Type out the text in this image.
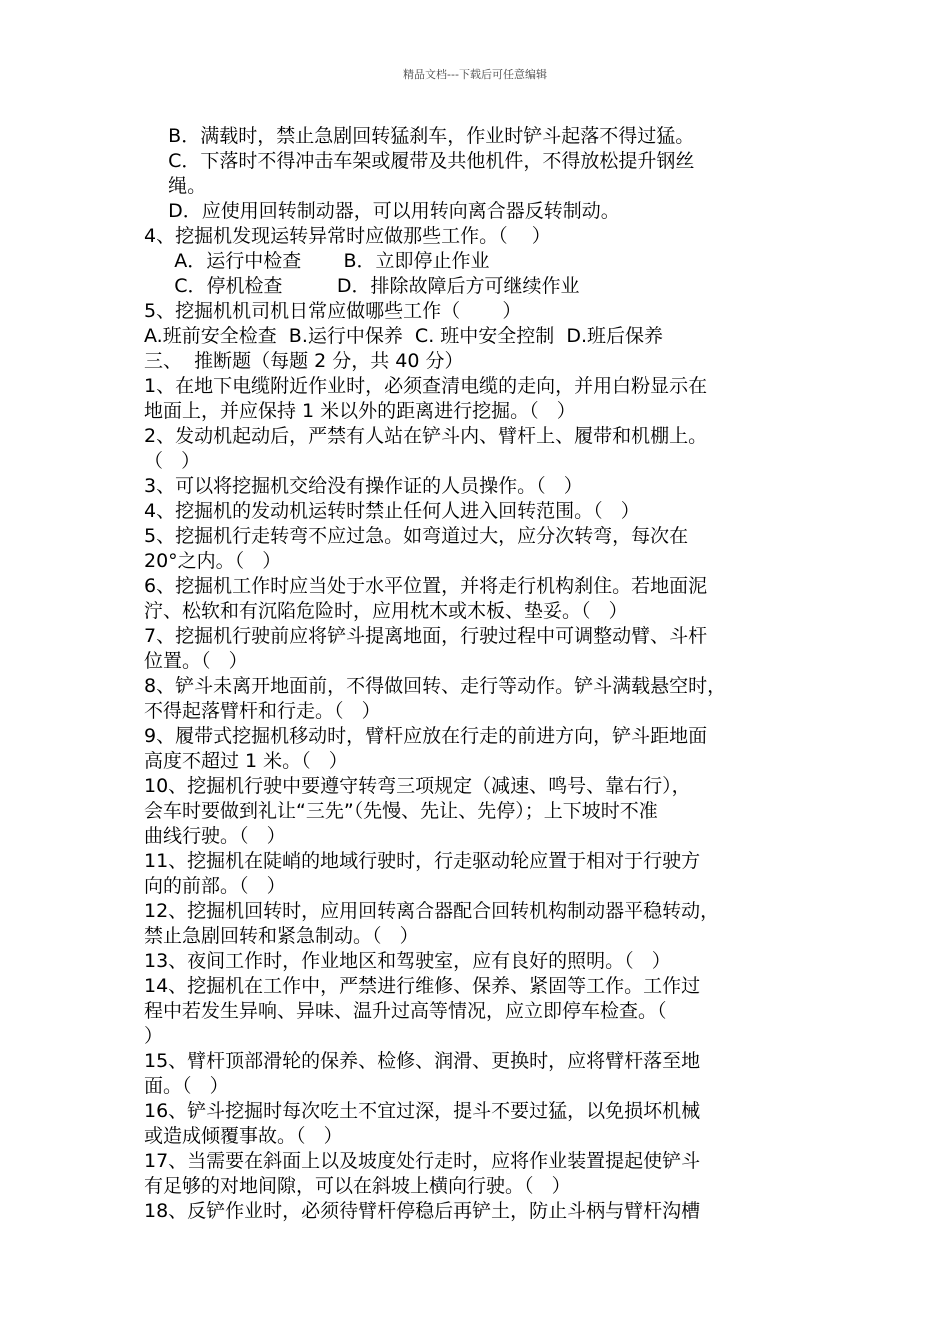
精品文档---下载后可任意编辑
B．满载时，禁止急剧回转猛刹车，作业时铲斗起落不得过猛。
C．下落时不得冲击车架或履带及共他机件，不得放松提升钢丝
绳。
D．应使用回转制动器，可以用转向离合器反转制动。
4、挖掘机发现运转异常时应做那些工作。（    ）
A．运行中检查       B．立即停止作业
C．停机检查         D．排除故障后方可继续作业
5、挖掘机机司机日常应做哪些工作（       ）
A.班前安全检查  B.运行中保养  C. 班中安全控制  D.班后保养
三、  推断题（每题 2 分，共 40 分）
1、在地下电缆附近作业时，必须查清电缆的走向，并用白粉显示在
地面上，并应保持 1 米以外的距离进行挖掘。（   ）
2、发动机起动后，严禁有人站在铲斗内、臂杆上、履带和机棚上。
（   ）
3、可以将挖掘机交给没有操作证的人员操作。（   ）
4、挖掘机的发动机运转时禁止任何人进入回转范围。（   ）
5、挖掘机行走转弯不应过急。如弯道过大，应分次转弯，每次在
20°之内。（   ）
6、挖掘机工作时应当处于水平位置，并将走行机构刹住。若地面泥
泞、松软和有沉陷危险时，应用枕木或木板、垫妥。（   ）
7、挖掘机行驶前应将铲斗提离地面，行驶过程中可调整动臂、斗杆
位置。（   ）
8、铲斗未离开地面前，不得做回转、走行等动作。铲斗满载悬空时，
不得起落臂杆和行走。（   ）
9、履带式挖掘机移动时，臂杆应放在行走的前进方向，铲斗距地面
高度不超过 1 米。（   ）
10、挖掘机行驶中要遵守转弯三项规定（减速、鸣号、靠右行），
会车时要做到礼让“三先”（先慢、先让、先停）；上下坡时不准
曲线行驶。（   ）
11、挖掘机在陡峭的地域行驶时，行走驱动轮应置于相对于行驶方
向的前部。（   ）
12、挖掘机回转时，应用回转离合器配合回转机构制动器平稳转动，
禁止急剧回转和紧急制动。（   ）
13、夜间工作时，作业地区和驾驶室，应有良好的照明。（   ）
14、挖掘机在工作中，严禁进行维修、保养、紧固等工作。工作过
程中若发生异响、异味、温升过高等情况，应立即停车检查。（
）
15、臂杆顶部滑轮的保养、检修、润滑、更换时，应将臂杆落至地
面。（   ）
16、铲斗挖掘时每次吃土不宜过深，提斗不要过猛，以免损坏机械
或造成倾覆事故。（   ）
17、当需要在斜面上以及坡度处行走时，应将作业装置提起使铲斗
有足够的对地间隙，可以在斜坡上横向行驶。（   ）
18、反铲作业时，必须待臂杆停稳后再铲土，防止斗柄与臂杆沟槽
